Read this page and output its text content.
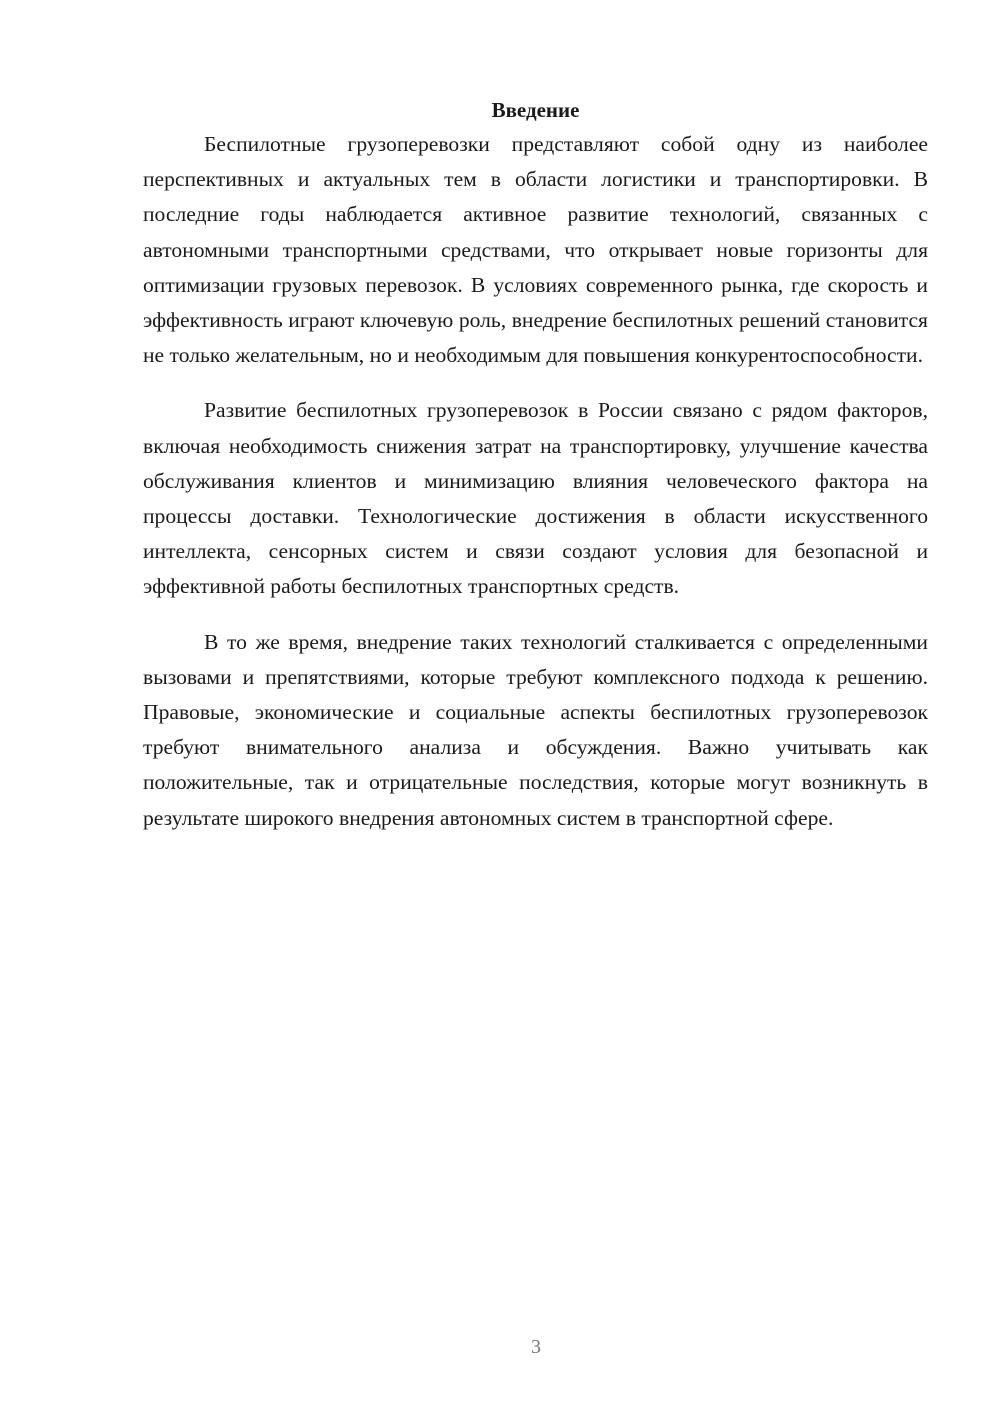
Введение

Беспилотные грузоперевозки представляют собой одну из наиболее перспективных и актуальных тем в области логистики и транспортировки. В последние годы наблюдается активное развитие технологий, связанных с автономными транспортными средствами, что открывает новые горизонты для оптимизации грузовых перевозок. В условиях современного рынка, где скорость и эффективность играют ключевую роль, внедрение беспилотных решений становится не только желательным, но и необходимым для повышения конкурентоспособности.

Развитие беспилотных грузоперевозок в России связано с рядом факторов, включая необходимость снижения затрат на транспортировку, улучшение качества обслуживания клиентов и минимизацию влияния человеческого фактора на процессы доставки. Технологические достижения в области искусственного интеллекта, сенсорных систем и связи создают условия для безопасной и эффективной работы беспилотных транспортных средств.

В то же время, внедрение таких технологий сталкивается с определенными вызовами и препятствиями, которые требуют комплексного подхода к решению. Правовые, экономические и социальные аспекты беспилотных грузоперевозок требуют внимательного анализа и обсуждения. Важно учитывать как положительные, так и отрицательные последствия, которые могут возникнуть в результате широкого внедрения автономных систем в транспортной сфере.

3
